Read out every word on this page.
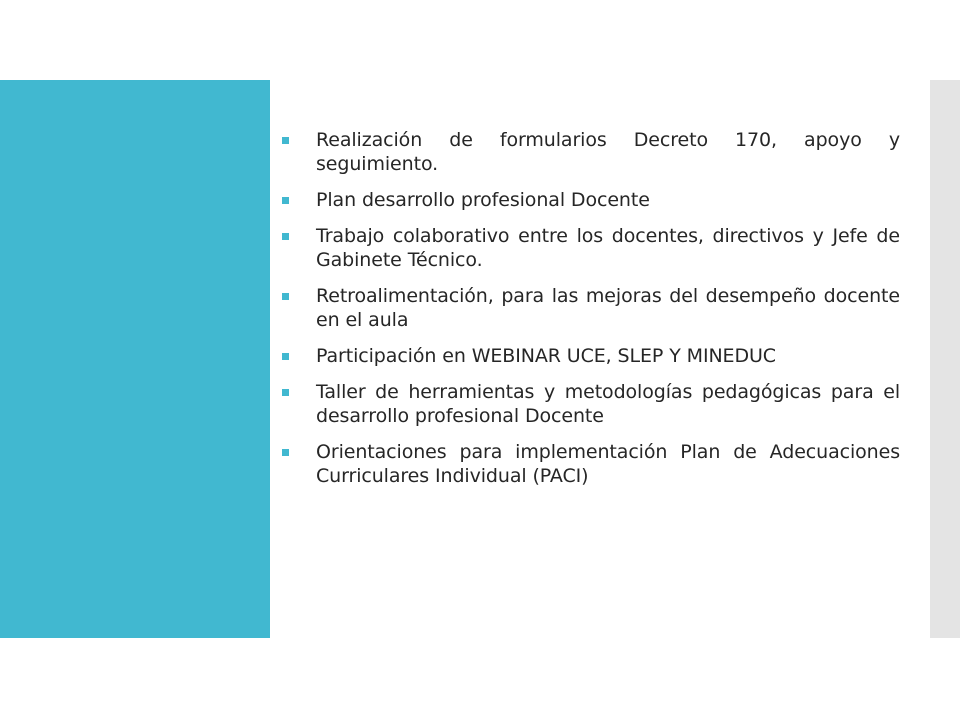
Realización de formularios Decreto 170, apoyo y seguimiento.
Plan desarrollo profesional Docente
Trabajo colaborativo entre los docentes, directivos y Jefe de Gabinete Técnico.
Retroalimentación, para las mejoras del desempeño docente en el aula
Participación en WEBINAR UCE, SLEP Y MINEDUC
Taller de herramientas y metodologías pedagógicas para el desarrollo profesional Docente
Orientaciones para implementación Plan de Adecuaciones Curriculares Individual (PACI)
